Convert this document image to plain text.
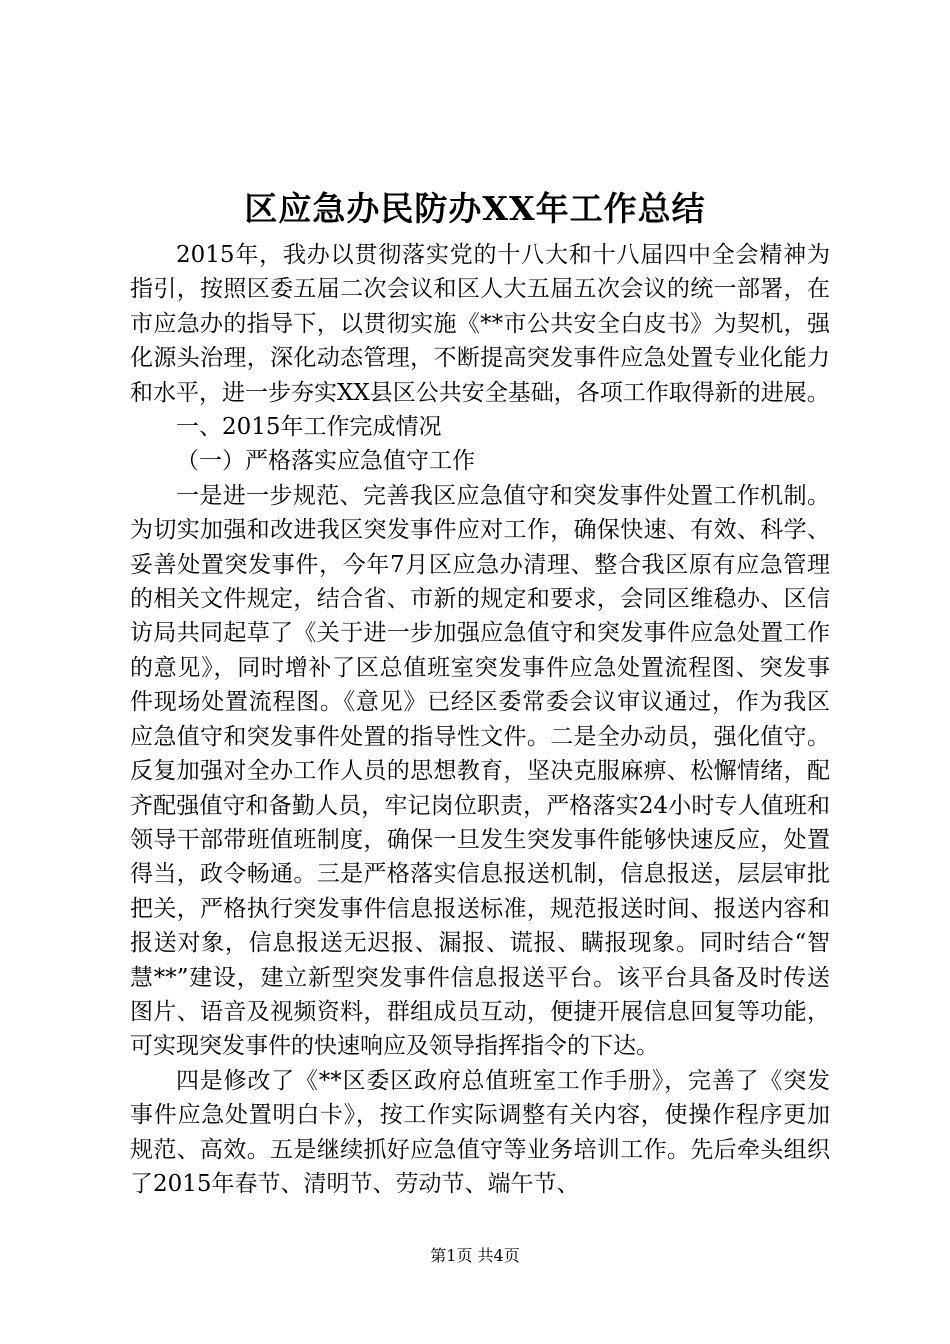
区应急办民防办XX年工作总结

2015年，我办以贯彻落实党的十八大和十八届四中全会精神为指引，按照区委五届二次会议和区人大五届五次会议的统一部署，在市应急办的指导下，以贯彻实施《**市公共安全白皮书》为契机，强化源头治理，深化动态管理，不断提高突发事件应急处置专业化能力和水平，进一步夯实XX县区公共安全基础，各项工作取得新的进展。

一、2015年工作完成情况

（一）严格落实应急值守工作

一是进一步规范、完善我区应急值守和突发事件处置工作机制。为切实加强和改进我区突发事件应对工作，确保快速、有效、科学、妥善处置突发事件，今年7月区应急办清理、整合我区原有应急管理的相关文件规定，结合省、市新的规定和要求，会同区维稳办、区信访局共同起草了《关于进一步加强应急值守和突发事件应急处置工作的意见》，同时增补了区总值班室突发事件应急处置流程图、突发事件现场处置流程图。《意见》已经区委常委会议审议通过，作为我区应急值守和突发事件处置的指导性文件。二是全办动员，强化值守。反复加强对全办工作人员的思想教育，坚决克服麻痹、松懈情绪，配齐配强值守和备勤人员，牢记岗位职责，严格落实24小时专人值班和领导干部带班值班制度，确保一旦发生突发事件能够快速反应，处置得当，政令畅通。三是严格落实信息报送机制，信息报送，层层审批把关，严格执行突发事件信息报送标准，规范报送时间、报送内容和报送对象，信息报送无迟报、漏报、谎报、瞒报现象。同时结合“智慧**”建设，建立新型突发事件信息报送平台。该平台具备及时传送图片、语音及视频资料，群组成员互动，便捷开展信息回复等功能，可实现突发事件的快速响应及领导指挥指令的下达。

四是修改了《**区委区政府总值班室工作手册》，完善了《突发事件应急处置明白卡》，按工作实际调整有关内容，使操作程序更加规范、高效。五是继续抓好应急值守等业务培训工作。先后牵头组织了2015年春节、清明节、劳动节、端午节、

第1页 共4页
